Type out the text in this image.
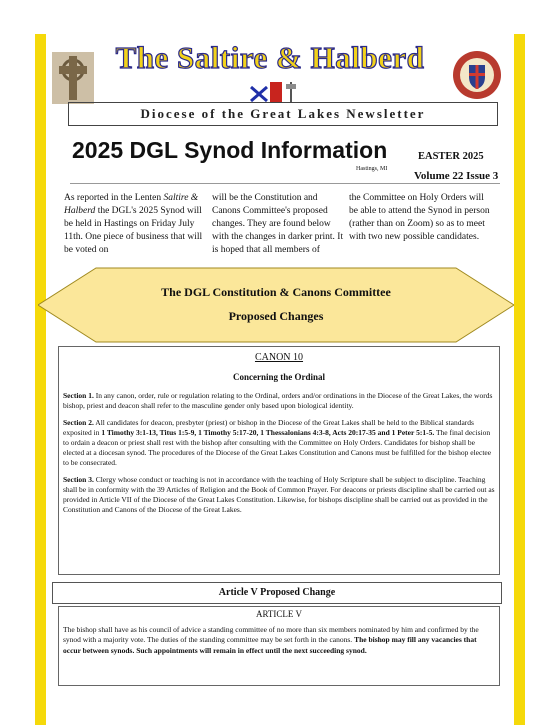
The Saltire & Halberd
Diocese of the Great Lakes Newsletter
2025 DGL Synod Information
Hastings, MI
EASTER 2025
Volume 22 Issue 3
As reported in the Lenten Saltire & Halberd the DGL's 2025 Synod will be held in Hastings on Friday July 11th. One piece of business that will be voted on
will be the Constitution and Canons Committee's proposed changes. They are found below with the changes in darker print. It is hoped that all members of
the Committee on Holy Orders will be able to attend the Synod in person (rather than on Zoom) so as to meet with two new possible candidates.
The DGL Constitution & Canons Committee
Proposed Changes
CANON 10
Concerning the Ordinal
Section 1. In any canon, order, rule or regulation relating to the Ordinal, orders and/or ordinations in the Diocese of the Great Lakes, the words bishop, priest and deacon shall refer to the masculine gender only based upon biological identity.
Section 2. All candidates for deacon, presbyter (priest) or bishop in the Diocese of the Great Lakes shall be held to the Biblical standards exposited in 1 Timothy 3:1-13, Titus 1:5-9, 1 Timothy 5:17-20, 1 Thessalonians 4:3-8, Acts 20:17-35 and 1 Peter 5:1-5. The final decision to ordain a deacon or priest shall rest with the bishop after consulting with the Committee on Holy Orders. Candidates for bishop shall be elected at a diocesan synod. The procedures of the Diocese of the Great Lakes Constitution and Canons must be fulfilled for the bishop electee to be consecrated.
Section 3. Clergy whose conduct or teaching is not in accordance with the teaching of Holy Scripture shall be subject to discipline. Teaching shall be in conformity with the 39 Articles of Religion and the Book of Common Prayer. For deacons or priests discipline shall be carried out as provided in Article VII of the Diocese of the Great Lakes Constitution. Likewise, for bishops discipline shall be carried out as provided in the Constitution and Canons of the Diocese of the Great Lakes.
Article V Proposed Change
ARTICLE V
The bishop shall have as his council of advice a standing committee of no more than six members nominated by him and confirmed by the synod with a majority vote. The duties of the standing committee may be set forth in the canons. The bishop may fill any vacancies that occur between synods. Such appointments will remain in effect until the next succeeding synod.
